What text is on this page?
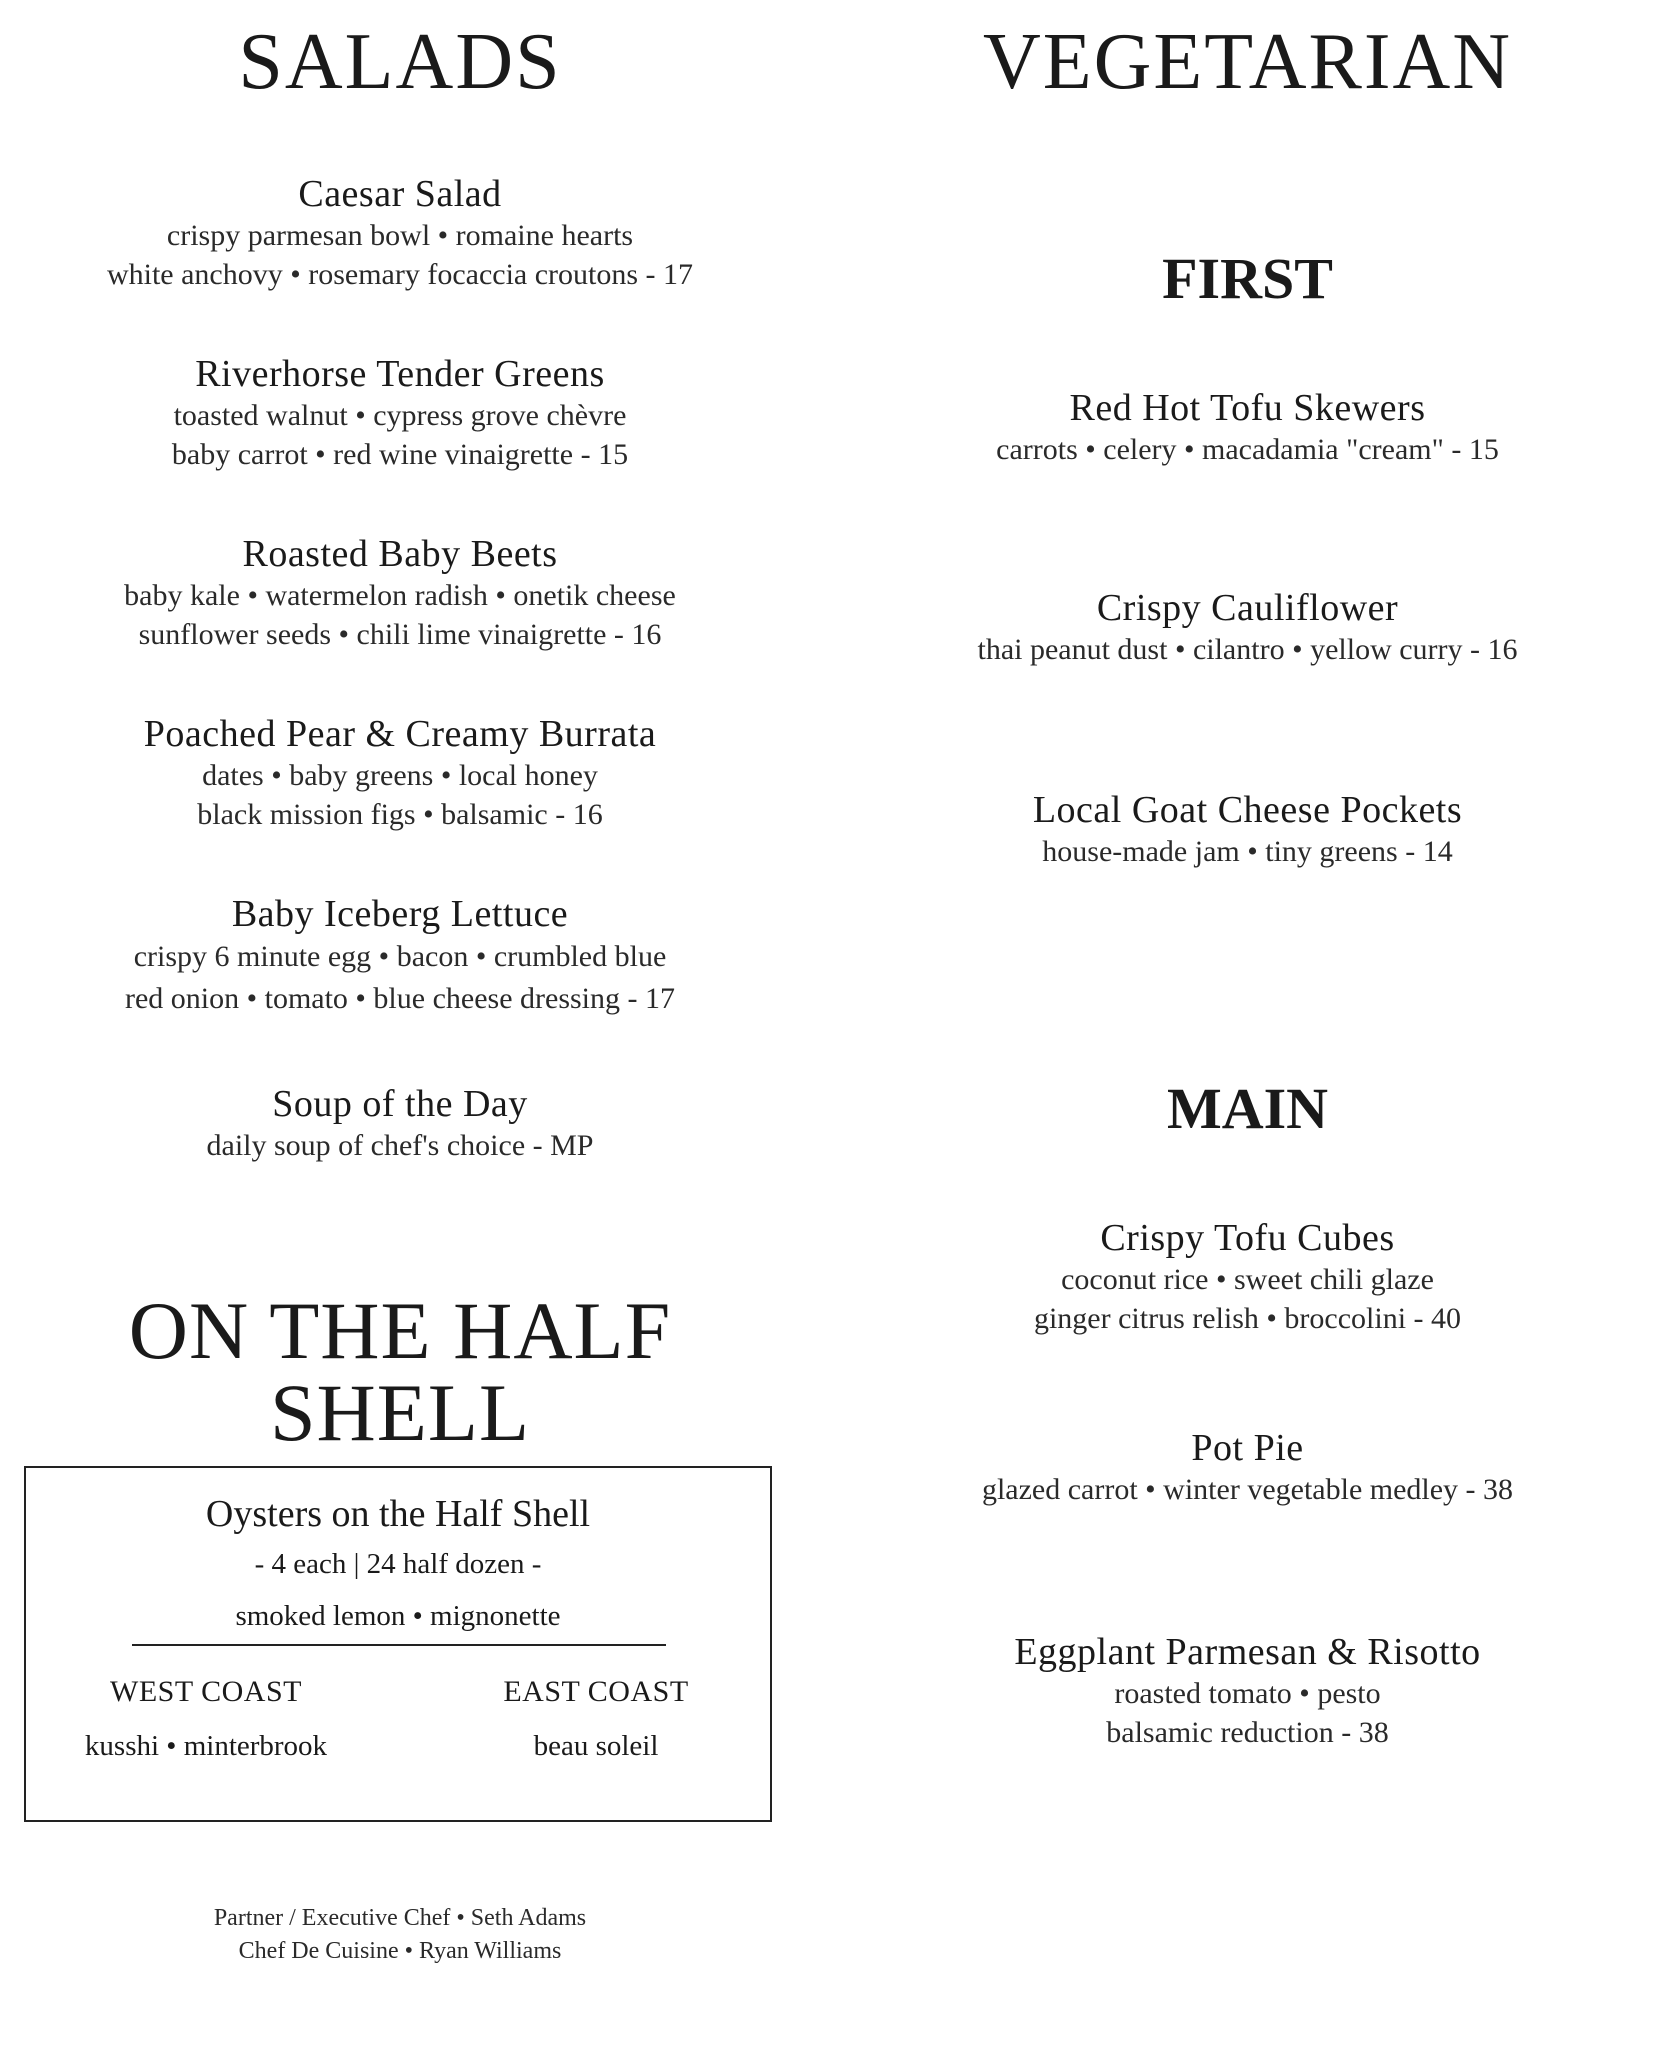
SALADS
Caesar Salad
crispy parmesan bowl • romaine hearts
white anchovy • rosemary focaccia croutons - 17
Riverhorse Tender Greens
toasted walnut • cypress grove chèvre
baby carrot • red wine vinaigrette - 15
Roasted Baby Beets
baby kale • watermelon radish • onetik cheese
sunflower seeds • chili lime vinaigrette - 16
Poached Pear & Creamy Burrata
dates • baby greens • local honey
black mission figs • balsamic - 16
Baby Iceberg Lettuce
crispy 6 minute egg • bacon • crumbled blue
red onion • tomato • blue cheese dressing - 17
Soup of the Day
daily soup of chef's choice - MP
ON THE HALF SHELL
Oysters on the Half Shell
- 4 each | 24 half dozen -
smoked lemon • mignonette
WEST COAST
kusshi • minterbrook
EAST COAST
beau soleil
Partner / Executive Chef • Seth Adams
Chef De Cuisine • Ryan Williams
VEGETARIAN
FIRST
Red Hot Tofu Skewers
carrots • celery • macadamia "cream" - 15
Crispy Cauliflower
thai peanut dust • cilantro • yellow curry - 16
Local Goat Cheese Pockets
house-made jam • tiny greens - 14
MAIN
Crispy Tofu Cubes
coconut rice • sweet chili glaze
ginger citrus relish • broccolini - 40
Pot Pie
glazed carrot • winter vegetable medley - 38
Eggplant Parmesan & Risotto
roasted tomato • pesto
balsamic reduction - 38
